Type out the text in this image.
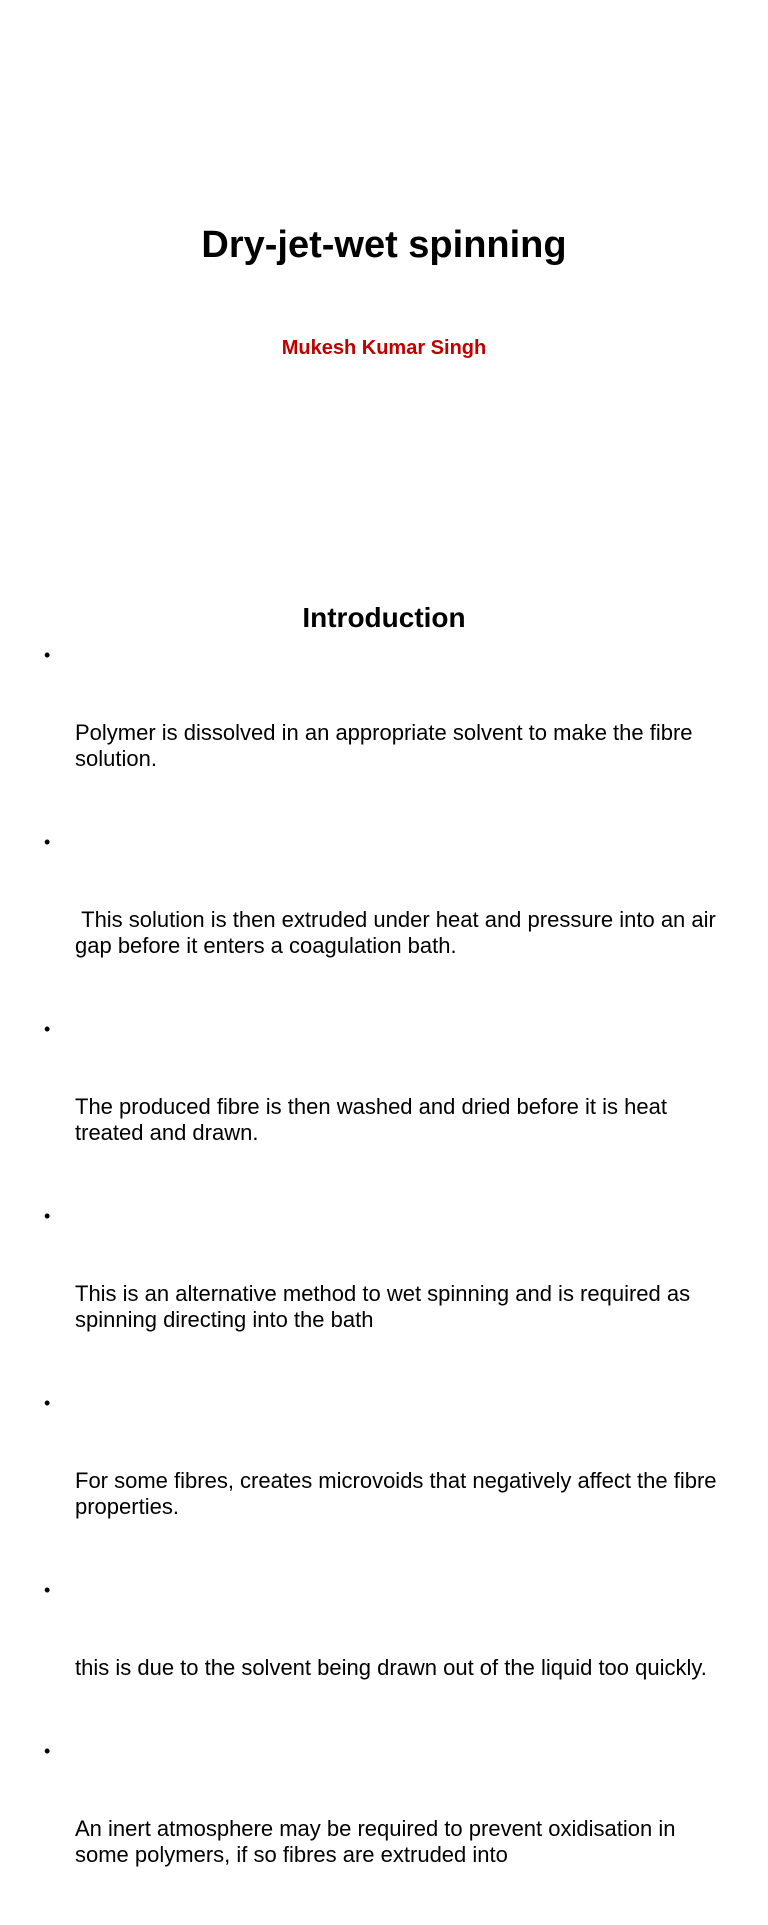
Dry-jet-wet spinning

Mukesh Kumar Singh

Introduction

•

Polymer is dissolved in an appropriate solvent to make the fibre solution.

•

This solution is then extruded under heat and pressure into an air gap before it enters a coagulation bath.

•

The produced fibre is then washed and dried before it is heat treated and drawn.

•

This is an alternative method to wet spinning and is required as spinning directing into the bath

•

For some fibres, creates microvoids that negatively affect the fibre properties.

•

this is due to the solvent being drawn out of the liquid too quickly.

•

An inert atmosphere may be required to prevent oxidisation in some polymers, if so fibres are extruded into
